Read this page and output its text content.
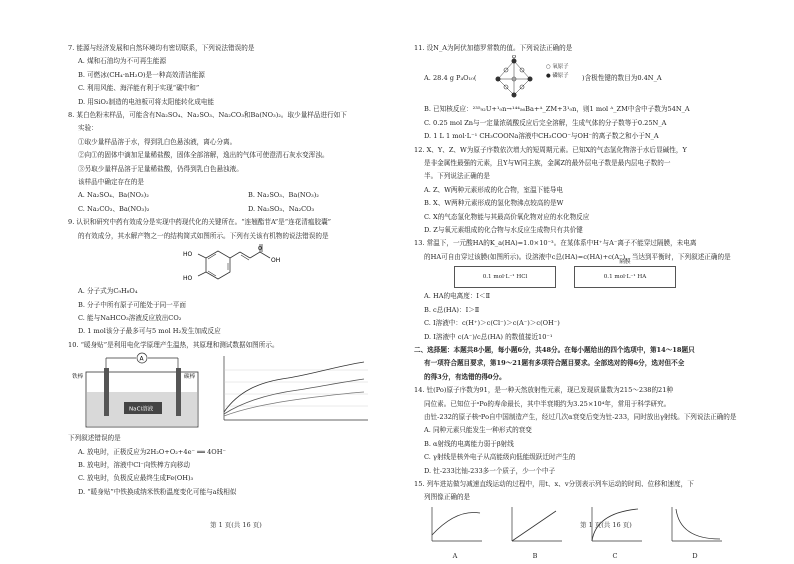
7. 能源与经济发展和自然环境均有密切联系，下列说法错误的是

A. 煤和石油均为不可再生能源

B. 可燃冰(CH₄·nH₂O)是一种高效清洁能源

C. 利用风能、海洋能有利于实现“碳中和”

D. 用SiO₂制造的电池板可将太阳能转化成电能

8. 某白色粉末样品，可能含有Na₂SO₄、Na₂SO₃、Na₂CO₃和Ba(NO₃)₂。取少量样品进行如下

实验：

①取少量样品溶于水，得到乳白色悬浊液，离心分离。

②向①的固体中滴加足量稀盐酸，固体全部溶解，逸出的气体可使澄清石灰水变浑浊。

③另取少量样品溶于足量稀盐酸，仍得到乳白色悬浊液。

该样品中确定存在的是

A. Na₂SO₄、Ba(NO₃)₂	B. Na₂SO₃、Ba(NO₃)₂
C. Na₂CO₃、Ba(NO₃)₂	D. Na₂SO₃、Na₂CO₃

9. 认识和研究中药有效成分是实现中药现代化的关键所在。“连翘酯苷A”是“连花清瘟胶囊”

的有效成分，其水解产物之一的结构简式如图所示。下列有关该有机物的说法错误的是

HO
HO
OH
O

A. 分子式为C₉H₈O₄

B. 分子中所有原子可能处于同一平面

C. 能与NaHCO₃溶液反应放出CO₂

D. 1 mol该分子最多可与5 mol H₂发生加成反应

10. “暖身贴”是利用电化学原理产生温热，其原理和测试数据如图所示。

A
铁棒	碳棒
NaCl溶液

下列叙述错误的是

A. 放电时，正极反应为2H₂O+O₂+4e⁻ ══ 4OH⁻

B. 放电时，溶液中Cl⁻向铁棒方向移动

C. 放电时，负极反应最终生成Fe(OH)₃

D. “暖身贴”中铁换成纳米铁粉温度变化可能与a线相似

第 1 页(共 16 页)

11. 设N_A为阿伏加德罗常数的值。下列说法正确的是

A. 28.4 g P₄O₁₀(
○ 氧原子
● 磷原子 )含极性键的数目为0.4N_A

B. 已知核反应：²³⁵₉₂U+¹₀n→¹⁴⁴₅₆Ba+ᴬ_ZM+3¹₀n，则1 mol ᴬ_ZM中含中子数为54N_A

C. 0.25 mol Zn与一定量浓硫酸反应后完全溶解，生成气体的分子数等于0.25N_A

D. 1 L 1 mol·L⁻¹ CH₃COONa溶液中CH₃COO⁻与OH⁻的离子数之和小于N_A

12. X、Y、Z、W为原子序数依次增大的短周期元素。已知X的气态氢化物溶于水后显碱性，Y

是非金属性最强的元素，且Y与W同主族，金属Z的最外层电子数是最内层电子数的一

半。下列说法正确的是

A. Z、W两种元素形成的化合物，室温下能导电

B. X、W两种元素形成的氢化物沸点较高的是W

C. X的气态氢化物能与其最高价氧化物对应的水化物反应

D. Z与氧元素组成的化合物与水反应生成物只有共价键

13. 常温下，一元酸HA的K_a(HA)=1.0×10⁻³。在某体系中H⁺与A⁻离子不能穿过隔膜，未电离

的HA可自由穿过该膜(如图所示)。设溶液中c总(HA)=c(HA)+c(A⁻)，当达到平衡时，下列叙述正确的是

0.1 mol·L⁻¹ HCl
隔膜
0.1 mol·L⁻¹ HA

A. HA的电离度：Ⅰ＜Ⅱ

B. c总(HA)：Ⅰ＞Ⅱ

C. Ⅰ溶液中：c(H⁺)＞c(Cl⁻)＞c(A⁻)＞c(OH⁻)

D. Ⅰ溶液中 c(A⁻)/c总(HA) 的数值接近10⁻¹

二、选择题：本题共8小题，每小题6分，共48分。在每小题给出的四个选项中，第14～18题只

有一项符合题目要求，第19～21题有多项符合题目要求。全部选对的得6分，选对但不全

的得3分，有选错的得0分。

14. 钍(Po)原子序数为91，是一种天然放射性元素，现已发现质量数为215～238的21种

同位素。已知位于ᵃPo的寿命最长，其中半衰期约为3.25×10⁴年，常用于科学研究。

由钍-232的原子核ᵃPo自中国制造产生，经过几次α衰变后变为钍-233，同时放出γ射线。下列说法正确的是

A. 同种元素只能发生一种形式的衰变

B. α射线的电离能力弱于β射线

C. γ射线是核外电子从高能级向低能级跃迁时产生的

D. 钍-233比铀-233多一个质子，少一个中子

15. 列车进站做匀减速直线运动的过程中，用t、x、v分别表示列车运动的时间、位移和速度，下

列图像正确的是

A	B	C	D
第 1 页(共 16 页)
